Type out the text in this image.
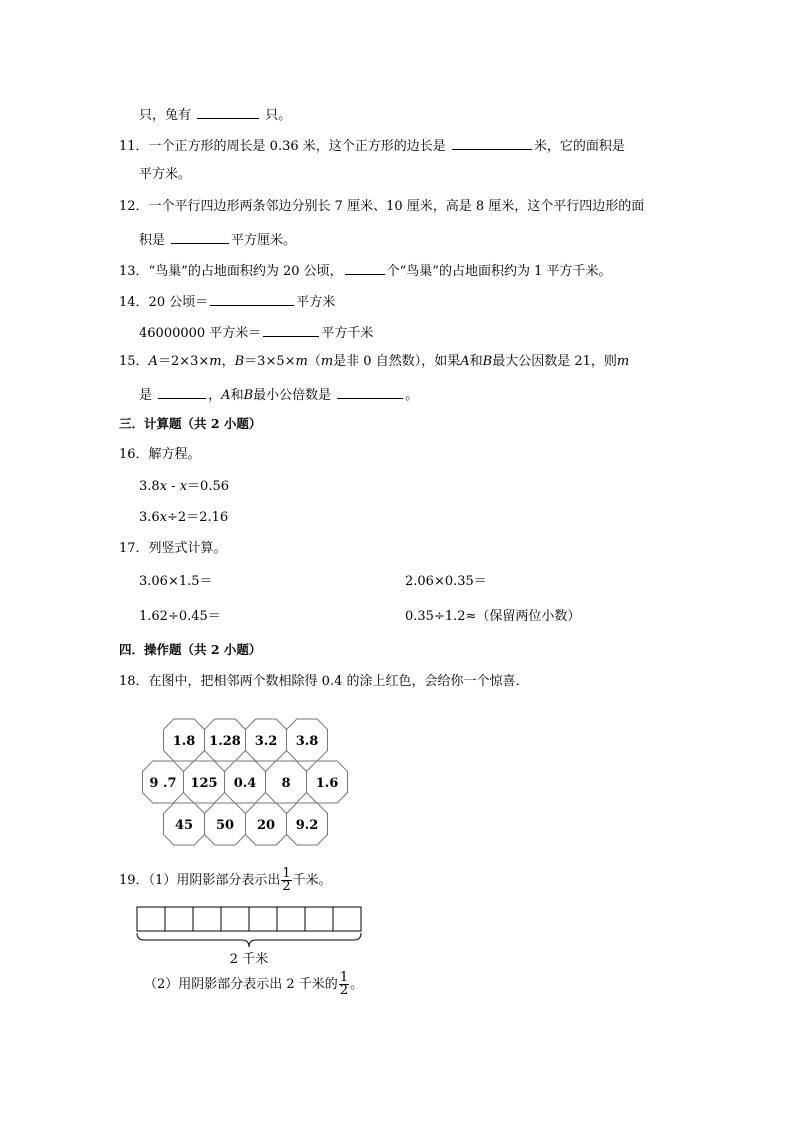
只，兔有	只。
11．一个正方形的周长是 0.36 米，这个正方形的边长是	米，它的面积是
平方米。
12．一个平行四边形两条邻边分别长 7 厘米、10 厘米，高是 8 厘米，这个平行四边形的面
积是	平方厘米。
13．“鸟巢”的占地面积约为 20 公顷，	个“鸟巢”的占地面积约为 1 平方千米。
14．20 公顷＝	平方米
46000000 平方米＝	平方千米
15．A＝2×3×m，B＝3×5×m（m是非 0 自然数），如果A和B最大公因数是 21，则m
是	，A和B最小公倍数是	。
三．计算题（共 2 小题）
16．解方程。
3.8x - x＝0.56
3.6x÷2＝2.16
17．列竖式计算。
3.06×1.5＝	2.06×0.35＝
1.62÷0.45＝	0.35÷1.2≈（保留两位小数）
四．操作题（共 2 小题）
18．在图中，把相邻两个数相除得 0.4 的涂上红色，会给你一个惊喜．
1.8 1.28 3.2 3.8
9 .7 125 0.4 8 1.6
45 50 20 9.2
19．（1）用阴影部分表示出 $\frac{1}{2}$ 千米。
2 千米
（2）用阴影部分表示出 2 千米的 $\frac{1}{2}$ 。
